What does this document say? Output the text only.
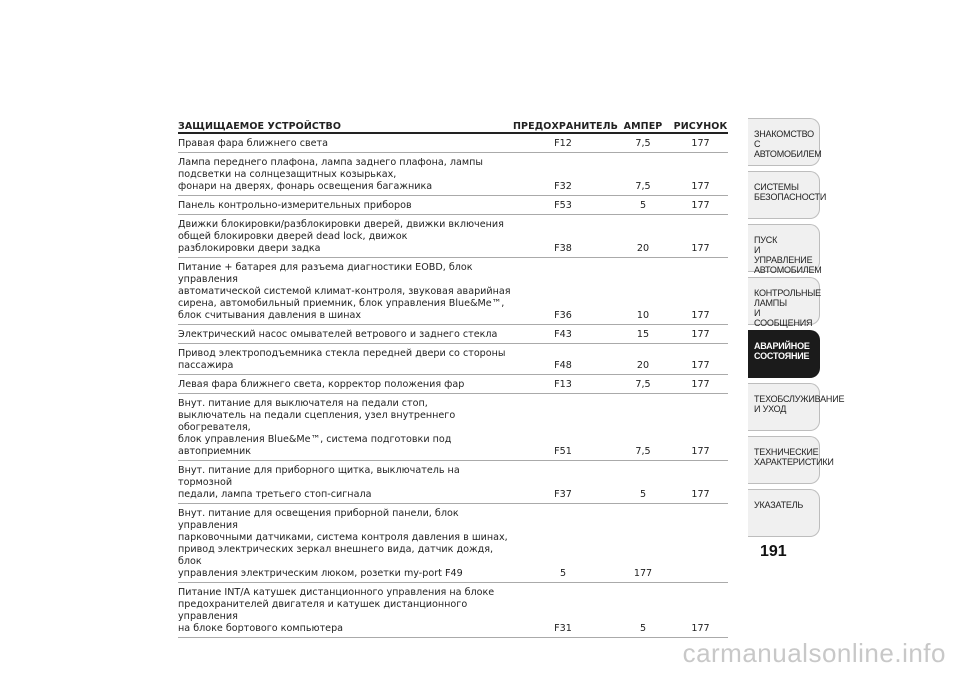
ЗАЩИЩАЕМОЕ УСТРОЙСТВО	ПРЕДОХРАНИТЕЛЬ АМПЕР	РИСУНОК
Правая фара ближнего света	F12	7,5	177
Лампа переднего плафона, лампа заднего плафона, лампы
подсветки на солнцезащитных козырьках,
фонари на дверях, фонарь освещения багажника	F32	7,5	177
Панель контрольно-измерительных приборов	F53	5	177
Движки блокировки/разблокировки дверей, движки включения
общей блокировки дверей dead lock, движок
разблокировки двери задка	F38	20	177
Питание + батарея для разъема диагностики EOBD, блок управления
автоматической системой климат-контроля, звуковая аварийная
сирена, автомобильный приемник, блок управления Blue&Me™,
блок считывания давления в шинах	F36	10	177
Электрический насос омывателей ветрового и заднего стекла	F43	15	177
Привод электроподъемника стекла передней двери со стороны
пассажира	F48	20	177
Левая фара ближнего света, корректор положения фар	F13	7,5	177
Внут. питание для выключателя на педали стоп,
выключатель на педали сцепления, узел внутреннего обогревателя,
блок управления Blue&Me™, система подготовки под автоприемник	F51	7,5	177
Внут. питание для приборного щитка, выключатель на тормозной
педали, лампа третьего стоп-сигнала	F37	5	177
Внут. питание для освещения приборной панели, блок управления
парковочными датчиками, система контроля давления в шинах,
привод электрических зеркал внешнего вида, датчик дождя, блок
управления электрическим люком, розетки my-port F49	5	177
Питание INT/A катушек дистанционного управления на блоке
предохранителей двигателя и катушек дистанционного управления
на блоке бортового компьютера	F31	5	177
ЗНАКОМСТВО С
АВТОМОБИЛЕМ
СИСТЕМЫ
БЕЗОПАСНОСТИ
ПУСК
И УПРАВЛЕНИЕ
АВТОМОБИЛЕМ
КОНТРОЛЬНЫЕ
ЛАМПЫ
И СООБЩЕНИЯ
АВАРИЙНОЕ
СОСТОЯНИЕ
ТЕХОБСЛУЖИВАНИЕ
И УХОД
ТЕХНИЧЕСКИЕ
ХАРАКТЕРИСТИКИ
УКАЗАТЕЛЬ
191
carmanualsonline.info
